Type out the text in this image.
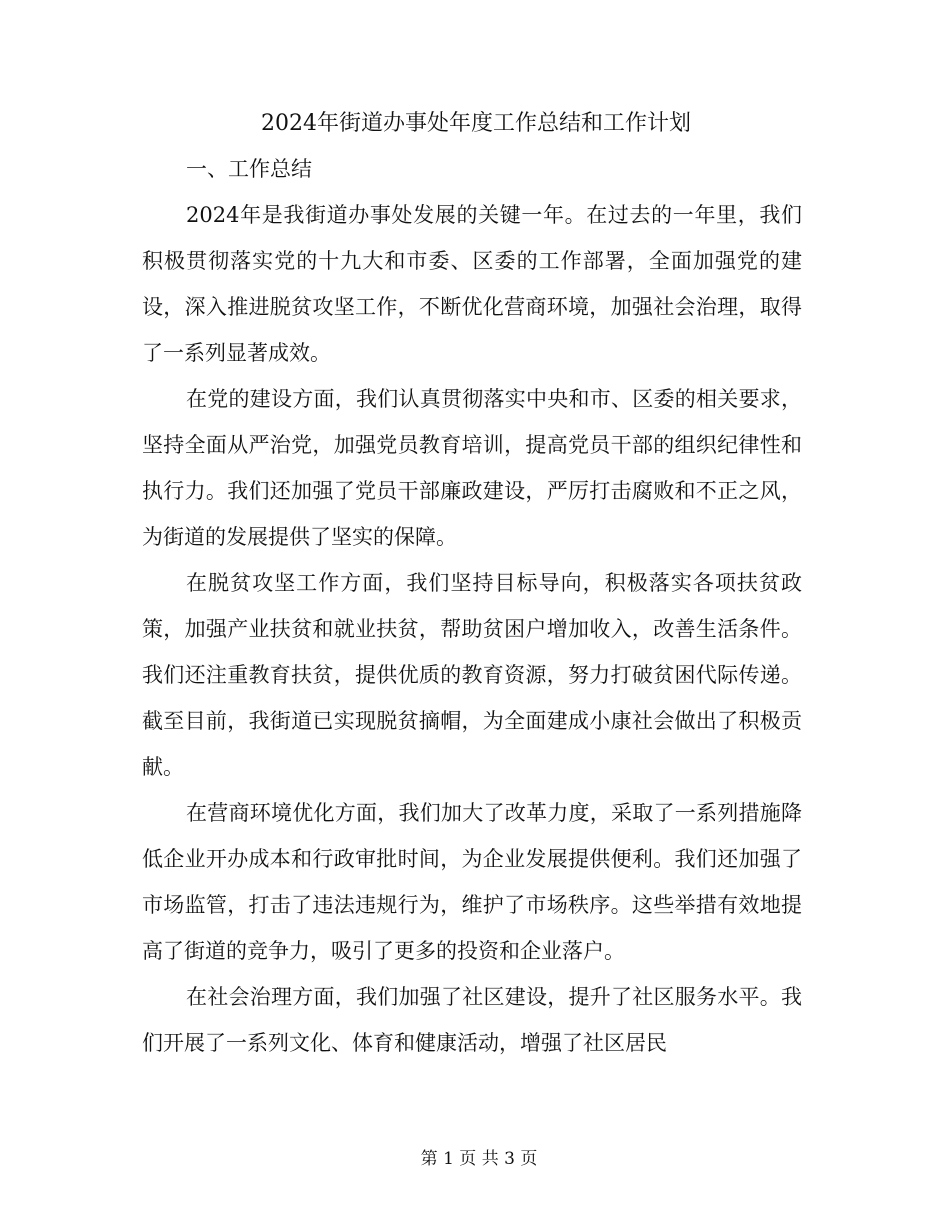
2024年街道办事处年度工作总结和工作计划

一、工作总结

2024年是我街道办事处发展的关键一年。在过去的一年里，我们积极贯彻落实党的十九大和市委、区委的工作部署，全面加强党的建设，深入推进脱贫攻坚工作，不断优化营商环境，加强社会治理，取得了一系列显著成效。

在党的建设方面，我们认真贯彻落实中央和市、区委的相关要求，坚持全面从严治党，加强党员教育培训，提高党员干部的组织纪律性和执行力。我们还加强了党员干部廉政建设，严厉打击腐败和不正之风，为街道的发展提供了坚实的保障。

在脱贫攻坚工作方面，我们坚持目标导向，积极落实各项扶贫政策，加强产业扶贫和就业扶贫，帮助贫困户增加收入，改善生活条件。我们还注重教育扶贫，提供优质的教育资源，努力打破贫困代际传递。截至目前，我街道已实现脱贫摘帽，为全面建成小康社会做出了积极贡献。

在营商环境优化方面，我们加大了改革力度，采取了一系列措施降低企业开办成本和行政审批时间，为企业发展提供便利。我们还加强了市场监管，打击了违法违规行为，维护了市场秩序。这些举措有效地提高了街道的竞争力，吸引了更多的投资和企业落户。

在社会治理方面，我们加强了社区建设，提升了社区服务水平。我们开展了一系列文化、体育和健康活动，增强了社区居民

第 1 页 共 3 页
